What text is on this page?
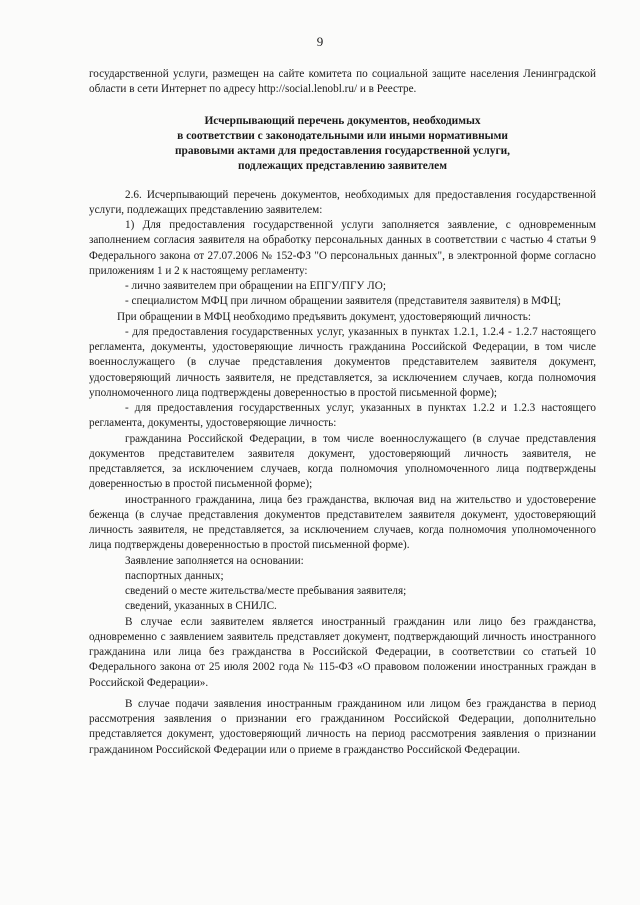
9

государственной услуги, размещен на сайте комитета по социальной защите населения Ленинградской области в сети Интернет по адресу http://social.lenobl.ru/ и в Реестре.

Исчерпывающий перечень документов, необходимых
в соответствии с законодательными или иными нормативными
правовыми актами для предоставления государственной услуги,
подлежащих представлению заявителем

2.6. Исчерпывающий перечень документов, необходимых для предоставления государственной услуги, подлежащих представлению заявителем:

1) Для предоставления государственной услуги заполняется заявление, с одновременным заполнением согласия заявителя на обработку персональных данных в соответствии с частью 4 статьи 9 Федерального закона от 27.07.2006 № 152-ФЗ "О персональных данных", в электронной форме согласно приложениям 1 и 2 к настоящему регламенту:

- лично заявителем при обращении на ЕПГУ/ПГУ ЛО;

- специалистом МФЦ при личном обращении заявителя (представителя заявителя) в МФЦ;

При обращении в МФЦ необходимо предъявить документ, удостоверяющий личность:

- для предоставления государственных услуг, указанных в пунктах 1.2.1, 1.2.4 - 1.2.7 настоящего регламента, документы, удостоверяющие личность гражданина Российской Федерации, в том числе военнослужащего (в случае представления документов представителем заявителя документ, удостоверяющий личность заявителя, не представляется, за исключением случаев, когда полномочия уполномоченного лица подтверждены доверенностью в простой письменной форме);

- для предоставления государственных услуг, указанных в пунктах 1.2.2 и 1.2.3 настоящего регламента, документы, удостоверяющие личность:

гражданина Российской Федерации, в том числе военнослужащего (в случае представления документов представителем заявителя документ, удостоверяющий личность заявителя, не представляется, за исключением случаев, когда полномочия уполномоченного лица подтверждены доверенностью в простой письменной форме);

иностранного гражданина, лица без гражданства, включая вид на жительство и удостоверение беженца (в случае представления документов представителем заявителя документ, удостоверяющий личность заявителя, не представляется, за исключением случаев, когда полномочия уполномоченного лица подтверждены доверенностью в простой письменной форме).

Заявление заполняется на основании:

паспортных данных;

сведений о месте жительства/месте пребывания заявителя;

сведений, указанных в СНИЛС.

В случае если заявителем является иностранный гражданин или лицо без гражданства, одновременно с заявлением заявитель представляет документ, подтверждающий личность иностранного гражданина или лица без гражданства в Российской Федерации, в соответствии со статьей 10 Федерального закона от 25 июля 2002 года № 115-ФЗ «О правовом положении иностранных граждан в Российской Федерации».

В случае подачи заявления иностранным гражданином или лицом без гражданства в период рассмотрения заявления о признании его гражданином Российской Федерации, дополнительно представляется документ, удостоверяющий личность на период рассмотрения заявления о признании гражданином Российской Федерации или о приеме в гражданство Российской Федерации.
